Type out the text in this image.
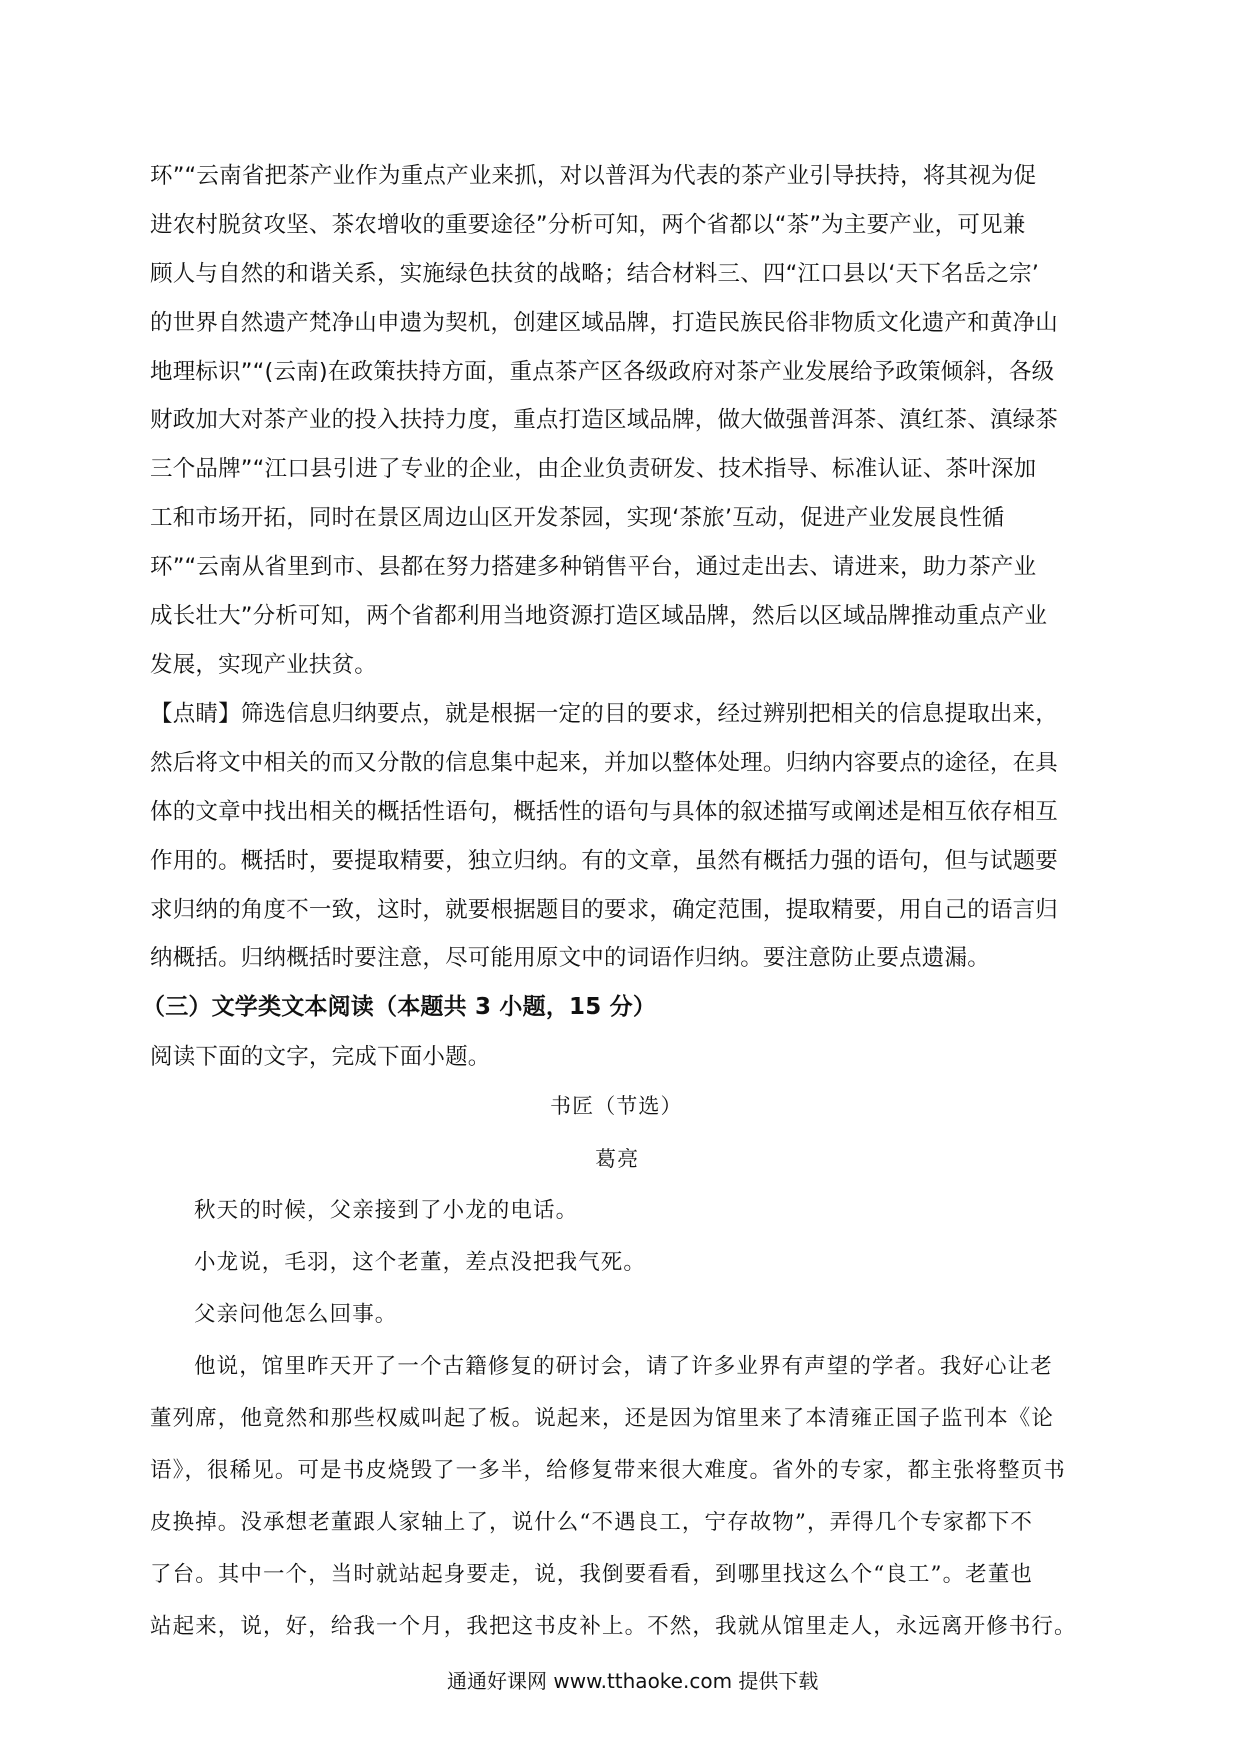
环”“云南省把茶产业作为重点产业来抓，对以普洱为代表的茶产业引导扶持，将其视为促
进农村脱贫攻坚、茶农增收的重要途径”分析可知，两个省都以“茶”为主要产业，可见兼
顾人与自然的和谐关系，实施绿色扶贫的战略；结合材料三、四“江口县以‘天下名岳之宗’
的世界自然遗产梵净山申遗为契机，创建区域品牌，打造民族民俗非物质文化遗产和黄净山
地理标识”“(云南)在政策扶持方面，重点茶产区各级政府对茶产业发展给予政策倾斜，各级
财政加大对茶产业的投入扶持力度，重点打造区域品牌，做大做强普洱茶、滇红茶、滇绿茶
三个品牌”“江口县引进了专业的企业，由企业负责研发、技术指导、标准认证、茶叶深加
工和市场开拓，同时在景区周边山区开发茶园，实现‘茶旅’互动，促进产业发展良性循
环”“云南从省里到市、县都在努力搭建多种销售平台，通过走出去、请进来，助力茶产业
成长壮大”分析可知，两个省都利用当地资源打造区域品牌，然后以区域品牌推动重点产业
发展，实现产业扶贫。
【点睛】筛选信息归纳要点，就是根据一定的目的要求，经过辨别把相关的信息提取出来，
然后将文中相关的而又分散的信息集中起来，并加以整体处理。归纳内容要点的途径，在具
体的文章中找出相关的概括性语句，概括性的语句与具体的叙述描写或阐述是相互依存相互
作用的。概括时，要提取精要，独立归纳。有的文章，虽然有概括力强的语句，但与试题要
求归纳的角度不一致，这时，就要根据题目的要求，确定范围，提取精要，用自己的语言归
纳概括。归纳概括时要注意，尽可能用原文中的词语作归纳。要注意防止要点遗漏。
（三）文学类文本阅读（本题共 3 小题，15 分）
阅读下面的文字，完成下面小题。
书匠（节选）
葛亮
秋天的时候，父亲接到了小龙的电话。
小龙说，毛羽，这个老董，差点没把我气死。
父亲问他怎么回事。
他说，馆里昨天开了一个古籍修复的研讨会，请了许多业界有声望的学者。我好心让老
董列席，他竟然和那些权威叫起了板。说起来，还是因为馆里来了本清雍正国子监刊本《论
语》，很稀见。可是书皮烧毁了一多半，给修复带来很大难度。省外的专家，都主张将整页书
皮换掉。没承想老董跟人家轴上了，说什么“不遇良工，宁存故物”，弄得几个专家都下不
了台。其中一个，当时就站起身要走，说，我倒要看看，到哪里找这么个“良工”。老董也
站起来，说，好，给我一个月，我把这书皮补上。不然，我就从馆里走人，永远离开修书行。
通通好课网 www.tthaoke.com 提供下载
